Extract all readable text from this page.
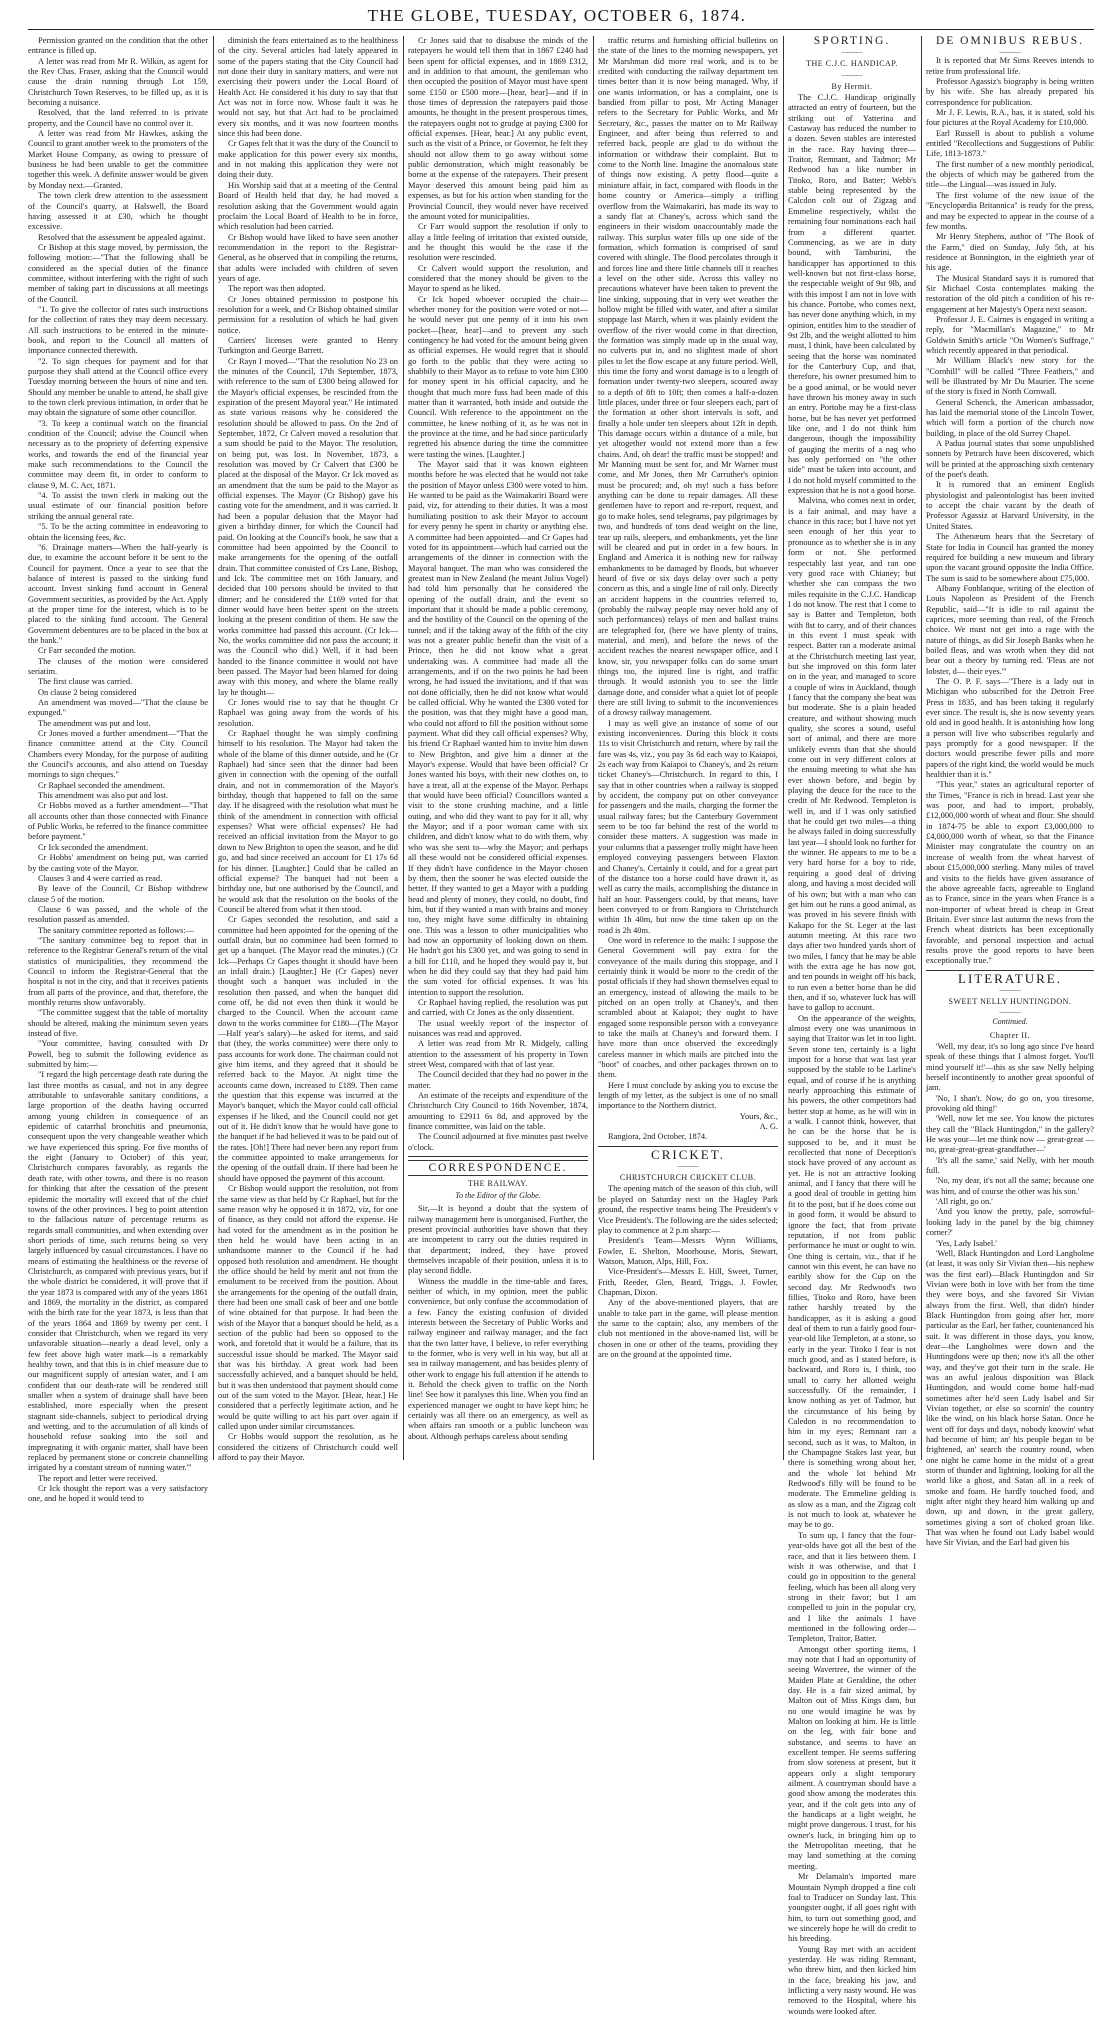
THE GLOBE, TUESDAY, OCTOBER 6, 1874.

Permission granted on the condition that the other entrance is filled up.

A letter was read from Mr R. Wilkin, as agent for the Rev Chas. Fraser, asking that the Council would cause the drain running through Lot 159, Christchurch Town Reserves, to be filled up, as it is becoming a nuisance.

Resolved, that the land referred to is private property, and the Council have no control over it.

A letter was read from Mr Hawkes, asking the Council to grant another week to the promoters of the Market House Company, as owing to pressure of business he had been unable to get the committee together this week. A definite answer would be given by Monday next.—Granted.

The town clerk drew attention to the assessment of the Council's quarry, at Halswell, the Board having assessed it at £30, which he thought excessive.

Resolved that the assessment be appealed against.

Cr Bishop at this stage moved, by permission, the following motion:—"That the following shall be considered as the special duties of the finance committee, without interfering with the right of such member of taking part in discussions at all meetings of the Council.

"1. To give the collector of rates such instructions for the collection of rates they may deem necessary. All such instructions to be entered in the minute-book, and report to the Council all matters of importance connected therewith.

"2. To sign cheques for payment and for that purpose they shall attend at the Council office every Tuesday morning between the hours of nine and ten. Should any member be unable to attend, he shall give to the town clerk previous intimation, in order that he may obtain the signature of some other councillor.

"3. To keep a continual watch on the financial condition of the Council; advise the Council when necessary as to the propriety of deferring expensive works, and towards the end of the financial year make such recommendations to the Council the committee may deem fit, in order to conform to clause 9, M. C. Act, 1871.

"4. To assist the town clerk in making out the usual estimate of our financial position before striking the annual general rate.

"5. To be the acting committee in endeavoring to obtain the licensing fees, &c.

"6. Drainage matters—When the half-yearly is due, to examine the account before it be sent to the Council for payment. Once a year to see that the balance of interest is passed to the sinking fund account. Invest sinking fund account in General Government securities, as provided by the Act. Apply at the proper time for the interest, which is to be placed to the sinking fund account. The General Government debentures are to be placed in the box at the bank."

Cr Farr seconded the motion.

The clauses of the motion were considered seriatim.

The first clause was carried.

On clause 2 being considered

An amendment was moved—"That the clause be expunged."

The amendment was put and lost.

Cr Jones moved a further amendment—"That the finance committee attend at the City Council Chambers every Monday, for the purpose of auditing the Council's accounts, and also attend on Tuesday mornings to sign cheques."

Cr Raphael seconded the amendment.

This amendment was also put and lost.

Cr Hobbs moved as a further amendment—"That all accounts other than those connected with Finance of Public Works, be referred to the finance committee before payment."

Cr Ick seconded the amendment.

Cr Hobbs' amendment on being put, was carried by the casting vote of the Mayor.

Clauses 3 and 4 were carried as read.

By leave of the Council, Cr Bishop withdrew clause 5 of the motion.

Clause 6 was passed, and the whole of the resolution passed as amended.

The sanitary committee reported as follows:—

"The sanitary committee beg to report that in reference to the Registrar General's return of the vital statistics of municipalities, they recommend the Council to inform the Registrar-General that the hospital is not in the city, and that it receives patients from all parts of the province, and that, therefore, the monthly returns show unfavorably.

"The committee suggest that the table of mortality should be altered, making the minimum seven years instead of five.

"Your committee, having consulted with Dr Powell, beg to submit the following evidence as submitted by him:—

"I regard the high percentage death rate during the last three months as casual, and not in any degree attributable to unfavorable sanitary conditions, a large proportion of the deaths having occurred among young children in consequence of an epidemic of catarrhal bronchitis and pneumonia, consequent upon the very changeable weather which we have experienced this spring. For five months of the eight (January to October) of this year, Christchurch compares favorably, as regards the death rate, with other towns, and there is no reason for thinking that after the cessation of the present epidemic the mortality will exceed that of the chief towns of the other provinces. I beg to point attention to the fallacious nature of percentage returns as regards small communities, and when extending over short periods of time, such returns being so very largely influenced by casual circumstances. I have no means of estimating the healthiness or the reverse of Christchurch, as compared with previous years, but if the whole district be considered, it will prove that if the year 1873 is compared with any of the years 1861 and 1869, the mortality in the district, as compared with the birth rate for the year 1873, is less than that of the years 1864 and 1869 by twenty per cent. I consider that Christchurch, when we regard its very unfavorable situation—nearly a dead level, only a few feet above high water mark—is a remarkably healthy town, and that this is in chief measure due to our magnificent supply of artesian water, and I am confident that our death-rate will be rendered still smaller when a system of drainage shall have been established, more especially when the present stagnant side-channels, subject to periodical drying and wetting, and to the accumulation of all kinds of household refuse soaking into the soil and impregnating it with organic matter, shall have been replaced by permanent stone or concrete channelling irrigated by a constant stream of running water.'"

The report and letter were received.

Cr Ick thought the report was a very satisfactory one, and he hoped it would tend to

diminish the fears entertained as to the healthiness of the city. Several articles had lately appeared in some of the papers stating that the City Council had not done their duty in sanitary matters, and were not exercising their powers under the Local Board of Health Act. He considered it his duty to say that that Act was not in force now. Whose fault it was he would not say, but that Act had to be proclaimed every six months, and it was now fourteen months since this had been done.

Cr Gapes felt that it was the duty of the Council to make application for this power every six months, and in not making this application they were not doing their duty.

His Worship said that at a meeting of the Central Board of Health held that day, he had moved a resolution asking that the Government would again proclaim the Local Board of Health to be in force, which resolution had been carried.

Cr Bishop would have liked to have seen another recommendation in the report to the Registrar-General, as he observed that in compiling the returns, that adults were included with children of seven years of age.

The report was then adopted.

Cr Jones obtained permission to postpone his resolution for a week, and Cr Bishop obtained similar permission for a resolution of which he had given notice.

Carriers' licenses were granted to Henry Turkington and George Barrett.

Cr Rayn I moved—"That the resolution No 23 on the minutes of the Council, 17th September, 1873, with reference to the sum of £300 being allowed for the Mayor's official expenses, be rescinded from the expiration of the present Mayoral year." He intimated as state various reasons why he considered the resolution should be allowed to pass. On the 2nd of September, 1872, Cr Calvert moved a resolution that a sum should be paid to the Mayor. The resolution, on being put, was lost. In November, 1873, a resolution was moved by Cr Calvert that £300 be placed at the disposal of the Mayor. Cr Ick moved as an amendment that the sum be paid to the Mayor as official expenses. The Mayor (Cr Bishop) gave his casting vote for the amendment, and it was carried. It had been a popular delusion that the Mayor had given a birthday dinner, for which the Council had paid. On looking at the Council's book, he saw that a committee had been appointed by the Council to make arrangements for the opening of the outfall drain. That committee consisted of Crs Lane, Bishop, and Ick. The committee met on 16th January, and decided that 100 persons should be invited to that dinner; and he considered the £169 voted for that dinner would have been better spent on the streets looking at the present condition of them. He saw the works committee had passed this account. (Cr Ick—No, the works committee did not pass the account; it was the Council who did.) Well, if it had been handed to the finance committee it would not have been passed. The Mayor had been blamed for doing away with this money, and where the blame really lay he thought—

Cr Jones would rise to say that he thought Cr Raphael was going away from the words of his resolution.

Cr Raphael thought he was simply confining himself to his resolution. The Mayor had taken the whole of the blame of this dinner outside, and he (Cr Raphael) had since seen that the dinner had been given in connection with the opening of the outfall drain, and not in commemoration of the Mayor's birthday, though that happened to fall on the same day. If he disagreed with the resolution what must he think of the amendment in connection with official expenses? What were official expenses? He had received an official invitation from the Mayor to go down to New Brighton to open the season, and he did go, and had since received an account for £1 17s 6d for his dinner. [Laughter.] Could that be called an official expense? The banquet had not been a birthday one, but one authorised by the Council, and he would ask that the resolution on the books of the Council be altered from what it then stood.

Cr Gapes seconded the resolution, and said a committee had been appointed for the opening of the outfall drain, but no committee had been formed to get up a banquet. (The Mayor read the minutes.) (Cr Ick—Perhaps Cr Gapes thought it should have been an infall drain.) [Laughter.] He (Cr Gapes) never thought such a banquet was included in the resolution then passed, and when the banquet did come off, he did not even then think it would be charged to the Council. When the account came down to the works committee for £180—(The Mayor—Half year's salary)—he asked for items, and said that (they, the works committee) were there only to pass accounts for work done. The chairman could not give him items, and they agreed that it should be referred back to the Mayor. At night time the accounts came down, increased to £189. Then came the question that this expense was incurred at the Mayor's banquet, which the Mayor could call official expenses if he liked, and the Council could not get out of it. He didn't know that he would have gone to the banquet if he had believed it was to be paid out of the rates. [Oh!] There had never been any report from the committee appointed to make arrangements for the opening of the outfall drain. If there had been he should have opposed the payment of this account.

Cr Bishop would support the resolution, not from the same view as that held by Cr Raphael, but for the same reason why he opposed it in 1872, viz, for one of finance, as they could not afford the expense. He had voted for the amendment as in the position he then held he would have been acting in an unhandsome manner to the Council if he had opposed both resolution and amendment. He thought the office should be held by merit and not from the emolument to be received from the position. About the arrangements for the opening of the outfall drain, there had been one small cask of beer and one bottle of wine obtained for that purpose. It had been the wish of the Mayor that a banquet should be held, as a section of the public had been so opposed to the work, and foretold that it would be a failure, that its successful issue should be marked. The Mayor said that was his birthday. A great work had been successfully achieved, and a banquet should be held, but it was then understood that payment should come out of the sum voted to the Mayor. [Hear, hear.] He considered that a perfectly legitimate action, and he would be quite willing to act his part over again if called upon under similar circumstances.

Cr Hobbs would support the resolution, as he considered the citizens of Christchurch could well afford to pay their Mayor.

Cr Jones said that to disabuse the minds of the ratepayers he would tell them that in 1867 £240 had been spent for official expenses, and in 1869 £312, and in addition to that amount, the gentleman who then occupied the position of Mayor must have spent some £150 or £500 more—[hear, hear]—and if in those times of depression the ratepayers paid those amounts, he thought in the present prosperous times, the ratepayers ought not to grudge at paying £300 for official expenses. [Hear, hear.] At any public event, such as the visit of a Prince, or Governor, he felt they should not allow them to go away without some public demonstration, which might reasonably be borne at the expense of the ratepayers. Their present Mayor deserved this amount being paid him as expenses, as but for his action when standing for the Provincial Council, they would never have received the amount voted for municipalities.

Cr Farr would support the resolution if only to allay a little feeling of irritation that existed outside, and he thought this would be the case if the resolution were rescinded.

Cr Calvert would support the resolution, and considered that the money should be given to the Mayor to spend as he liked.

Cr Ick hoped whoever occupied the chair—whether money for the position were voted or not—he would never put one penny of it into his own pocket—[hear, hear]—and to prevent any such contingency he had voted for the amount being given as official expenses. He would regret that it should go forth to the public that they were acting so shabbily to their Mayor as to refuse to vote him £300 for money spent in his official capacity, and he thought that much more fuss had been made of this matter than it warranted, both inside and outside the Council. With reference to the appointment on the committee, he knew nothing of it, as he was not in the province at the time, and he had since particularly regretted his absence during the time the committee were tasting the wines. [Laughter.]

The Mayor said that it was known eighteen months before he was elected that he would not take the position of Mayor unless £300 were voted to him. He wanted to be paid as the Waimakariri Board were paid, viz, for attending to their duties. It was a most humiliating position to ask their Mayor to account for every penny he spent in charity or anything else. A committee had been appointed—and Cr Gapes had voted for its appointment—which had carried out the arrangements of the dinner in connection with the Mayoral banquet. The man who was considered the greatest man in New Zealand (he meant Julius Vogel) had told him personally that he considered the opening of the outfall drain, and the event so important that it should be made a public ceremony, and the hostility of the Council on the opening of the tunnel; and if the taking away of the fifth of the city was not a greater public benefit than the visit of a Prince, then he did not know what a great undertaking was. A committee had made all the arrangements, and if on the two points he had been wrong, he had issued the invitations, and if that was not done officially, then he did not know what would be called official. Why he wanted the £300 voted for the position, was that they might have a good man, who could not afford to fill the position without some payment. What did they call official expenses? Why, his friend Cr Raphael wanted him to invite him down to New Brighton, and give him a dinner at the Mayor's expense. Would that have been official? Cr Jones wanted his boys, with their new clothes on, to have a treat, all at the expense of the Mayor. Perhaps that would have been official? Councillors wanted a visit to the stone crushing machine, and a little outing, and who did they want to pay for it all, why the Mayor; and if a poor woman came with six children, and didn't know what to do with them, why who was she sent to—why the Mayor; and perhaps all these would not be considered official expenses. If they didn't have confidence in the Mayor chosen by them, then the sooner he was elected outside the better. If they wanted to get a Mayor with a pudding head and plenty of money, they could, no doubt, find him, but if they wanted a man with brains and money too, they might have some difficulty in obtaining one. This was a lesson to other municipalities who had now an opportunity of looking down on them. He hadn't got his £300 yet, and was going to send in a bill for £110, and he hoped they would pay it, but when he did they could say that they had paid him the sum voted for official expenses. It was his intention to support the resolution.

Cr Raphael having replied, the resolution was put and carried, with Cr Jones as the only dissentient.

The usual weekly report of the inspector of nuisances was read and approved.

A letter was read from Mr R. Midgely, calling attention to the assessment of his property in Town street West, compared with that of last year.

The Council decided that they had no power in the matter.

An estimate of the receipts and expenditure of the Christchurch City Council to 16th November, 1874, amounting to £2911 6s 8d, and approved by the finance committee, was laid on the table.

The Council adjourned at five minutes past twelve o'clock.

CORRESPONDENCE.
THE RAILWAY.
To the Editor of the Globe.

Sir,—It is beyond a doubt that the system of railway management here is unorganised. Further, the present provincial authorities have shown that they are incompetent to carry out the duties required in that department; indeed, they have proved themselves incapable of their position, unless it is to play second fiddle.

Witness the muddle in the time-table and fares, neither of which, in my opinion, meet the public convenience, but only confuse the accommodation of a few. Fancy the existing confusion of divided interests between the Secretary of Public Works and railway engineer and railway manager, and the fact that the two latter have, I believe, to refer everything to the former, who is very well in his way, but all at sea in railway management, and has besides plenty of other work to engage his full attention if he attends to it. Behold the check given to traffic on the North line! See how it paralyses this line. When you find an experienced manager we ought to have kept him; he certainly was all there on an emergency, as well as when affairs ran smooth or a public luncheon was about. Although perhaps careless about sending

traffic returns and furnishing official bulletins on the state of the lines to the morning newspapers, yet Mr Marshman did more real work, and is to be credited with conducting the railway department ten times better than it is now being managed. Why, if one wants information, or has a complaint, one is bandied from pillar to post, Mr Acting Manager refers to the Secretary for Public Works, and Mr Secretary, &c., passes the matter on to Mr Railway Engineer, and after being thus referred to and referred back, people are glad to do without the information or withdraw their complaint. But to come to the North line. Imagine the anomalous state of things now existing. A petty flood—quite a miniature affair, in fact, compared with floods in the home country or America—simply a trifling overflow from the Waimakariri, has made its way to a sandy flat at Chaney's, across which sand the engineers in their wisdom unaccountably made the railway. This surplus water fills up one side of the formation, which formation is comprised of sand covered with shingle. The flood percolates through it and forces line and there little channels till it reaches a level on the other side. Across this valley no precautions whatever have been taken to prevent the line sinking, supposing that in very wet weather the hollow might be filled with water, and after a similar stoppage last March, when it was plainly evident the overflow of the river would come in that direction, the formation was simply made up in the usual way, no culverts put in, and no slightest made of short piles to let the flow escape at any future period. Well, this time the forty and worst damage is to a length of formation under twenty-two sleepers, scoured away to a depth of 8ft to 10ft; then comes a half-a-dozen little places, under three or four sleepers each, part of the formation at other short intervals is soft, and finally a hole under ten sleepers about 12ft in depth. This damage occurs within a distance of a mile, but yet altogether would not extend more than a few chains. And, oh dear! the traffic must be stopped! and Mr Manning must be sent for, and Mr Warner must come, and Mr Jones, then Mr Carruther's opinion must be procured; and, oh my! such a fuss before anything can be done to repair damages. All these gentlemen have to report and re-report, request, and go to make holes, send telegrams, pay pilgrimages by two, and hundreds of tons dead weight on the line, tear up rails, sleepers, and embankments, yet the line will be cleared and put in order in a few hours. In England and America it is nothing new for railway embankments to be damaged by floods, but whoever heard of five or six days delay over such a petty concern as this, and a single line of rail only. Directly an accident happens in the countries referred to, (probably the railway people may never hold any of such performances) relays of men and ballast trains are telegraphed for, (here we have plenty of trains, material, and men), and before the news of the accident reaches the nearest newspaper office, and I know, sir, you newspaper folks can do some smart things too, the injured line is right, and traffic through. It would astonish you to see the little damage done, and consider what a quiet lot of people there are still living to submit to the inconveniences of a drowsy railway management.

I may as well give an instance of some of our existing inconveniences. During this block it costs 11s to visit Christchurch and return, where by rail the fare was 4s, viz., you pay 3s 6d each way to Kaiapoi, 2s each way from Kaiapoi to Chaney's, and 2s return ticket Chaney's—Christchurch. In regard to this, I say that in other countries when a railway is stopped by accident, the company put on other conveyance for passengers and the mails, charging the former the usual railway fares; but the Canterbury Government seem to be too far behind the rest of the world to consider these matters. A suggestion was made in your columns that a passenger trolly might have been employed conveying passengers between Flaxton and Chaney's. Certainly it could, and for a great part of the distance too a horse could have drawn it, as well as carry the mails, accomplishing the distance in half an hour. Passengers could, by that means, have been conveyed to or from Rangiora to Christchurch within 1h 40m, but now the time taken up on the road is 2h 40m.

One word in reference to the mails: I suppose the General Government will pay extra for the conveyance of the mails during this stoppage, and I certainly think it would be more to the credit of the postal officials if they had shown themselves equal to an emergency, instead of allowing the mails to be pitched on an open trolly at Chaney's, and then scrambled about at Kaiapoi; they ought to have engaged some responsible person with a conveyance to take the mails at Chaney's and forward them. I have more than once observed the exceedingly careless manner in which mails are pitched into the "boot" of coaches, and other packages thrown on to them.

Here I must conclude by asking you to excuse the length of my letter, as the subject is one of no small importance to the Northern district.

Yours, &c.,

A. G.

Rangiora, 2nd October, 1874.

CRICKET.
———
CHRISTCHURCH CRICKET CLUB.

The opening match of the season of this club, will be played on Saturday next on the Hagley Park ground, the respective teams being The President's v Vice President's. The following are the sides selected; play to commence at 2 p.m sharp:—

President's Team—Messrs Wynn Williams, Fowler, E. Shelton, Moorhouse, Moris, Stewart, Watson, Matson, Alps, Hill, Fox.

Vice-President's—Messrs E. Hill, Sweet, Turner, Frith, Reeder, Glen, Beard, Triggs, J. Fowler, Chapman, Dixon.

Any of the above-mentioned players, that are unable to take part in the game, will please mention the same to the captain; also, any members of the club not mentioned in the above-named list, will be chosen in one or other of the teams, providing they are on the ground at the appointed time.

SPORTING.
———
THE C.J.C. HANDICAP.
———
By Hermit.

The C.J.C. Handicap originally attracted an entry of fourteen, but the striking out of Yatterina and Castaway has reduced the number to a dozen. Seven stables are interested in the race. Ray having three—Traitor, Remnant, and Tadmor; Mr Redwood has a like number in Titoko, Roro, and Batter; Webb's stable being represented by the Calcdon colt out of Zigzag and Emmeline respectively, whilst the remaining four nominations each hail from a different quarter. Commencing, as we are in duty bound, with Tamburini, the handicapper has apportioned to this well-known but not first-class horse, the respectable weight of 9st 9lb, and with this impost I am not in love with his chance. Portobe, who comes next, has never done anything which, in my opinion, entitles him to the steadier of 9st 2lb, and the weight allotted to him must, I think, have been calculated by seeing that the horse was nominated for the Canterbury Cup, and that, therefore, his owner presumed him to be a good animal, or he would never have thrown his money away in such an entry. Portobe may be a first-class horse, but he has never yet performed like one, and I do not think him dangerous, though the impossibility of gauging the merits of a nag who has only performed on "the other side" must be taken into account, and I do not hold myself committed to the expression that he is not a good horse.

Malvina, who comes next in order, is a fair animal, and may have a chance in this race; but I have not yet seen enough of her this year to pronounce as to whether she is in any form or not. She performed respectably last year, and ran one very good race with Chianey; but whether she can compass the two miles requisite in the C.J.C. Handicap I do not know. The rest that I come to say is Batter and Templeton, both with 8st to carry, and of their chances in this event I must speak with respect. Batter ran a moderate animal at the Christchurch meeting last year, but she improved on this form later on in the year, and managed to score a couple of wins in Auckland, though I fancy that the company she beat was but moderate. She is a plain headed creature, and without showing much quality, she scores a sound, useful sort of animal, and there are more unlikely events than that she should come out in very different colors at the ensuing meeting to what she has ever shown before, and begin by playing the deuce for the race to the credit of Mr Redwood. Templeton is well in, and if I was only satisfied that he could get two miles—a thing he always failed in doing successfully last year—I should look no further for the winner. He appears to me to be a very hard horse for a boy to ride, requiring a good deal of driving along, and having a most decided will of his own; but with a man who can get him out he runs a good animal, as was proved in his severe finish with Kakapo for the St. Leger at the last autumn meeting. At this race two days after two hundred yards short of two miles, I fancy that he may be able with the extra age he has now got, and ten pounds in weight off his back, to run even a better horse than he did then, and if so, whatever luck has will have to gallop to account.

On the appearance of the weights, almost every one was unanimous in saying that Traitor was let in too light. Seven stone ten, certainly is a light impost for a horse that was last year supposed by the stable to be Larline's equal, and of course if he is anything nearly approaching this estimate of his powers, the other competitors had better stop at home, as he will win in a walk. I cannot think, however, that he can be the horse that he is supposed to be, and it must be recollected that none of Deception's stock have proved of any account as yet. He is not an attractive looking animal, and I fancy that there will be a good deal of trouble in getting him fit to the post, but if he does come out in good form, it would be absurd to ignore the fact, that from private reputation, if not from public performance he must or ought to win. One thing is certain, viz., that if he cannot win this event, he can have no earthly show for the Cup on the second day. Mr Redwood's two fillies, Titoko and Roro, have been rather harshly treated by the handicapper, as it is asking a good deal of them to run a fairly good four-year-old like Templeton, at a stone, so early in the year. Titoko I fear is not much good, and as I stated before, is backward, and Roro is, I think, too small to carry her allotted weight successfully. Of the remainder, I know nothing as yet of Tadmor, but the circumstance of his being by Caledon is no recommendation to him in my eyes; Remnant ran a second, such as it was, to Malton, in the Champagne Stakes last year, but there is something wrong about her, and the whole lot behind Mr Redwood's filly will be found to be moderate. The Emmeline gelding is as slow as a man, and the Zigzag colt is not much to look at, whatever he may be to go.

To sum up, I fancy that the four-year-olds have got all the best of the race, and that it lies between them. I wish it was otherwise, and that I could go in opposition to the general feeling, which has been all along very strong in their favor; but I am compelled to join in the popular cry, and I like the animals I have mentioned in the following order—Templeton, Traitor, Batter.

Amongst other sporting items, I may note that I had an opportunity of seeing Wavertree, the winner of the Maiden Plate at Geraldine, the other day. He is a fair sized animal, by Malton out of Miss Kings dam, but no one would imagine he was by Malton on looking at him. He is little on the leg, with fair bone and substance, and seems to have an excellent temper. He seems suffering from slow soreness at present, but it appears only a slight temporary ailment. A countryman should have a good show among the moderates this year, and if the colt gets into any of the handicaps at a light weight, he might prove dangerous. I trust, for his owner's luck, in bringing him up to the Metropolitan meeting, that he may land something at the coming meeting.

Mr Delamain's imported mare Mountain Nymph dropped a fine colt foal to Traducer on Sunday last. This youngster ought, if all goes right with him, to turn out something good, and we sincerely hope he will do credit to his breeding.

Young Ray met with an accident yesterday. He was riding Remnant, who threw him, and then kicked him in the face, breaking his jaw, and inflicting a very nasty wound. He was removed to the Hospital, where his wounds were looked after.

DE OMNIBUS REBUS.
———

It is reported that Mr Sims Reeves intends to retire from professional life.

Professor Agassiz's biography is being written by his wife. She has already prepared his correspondence for publication.

Mr J. F. Lewis, R.A., has, it is stated, sold his four pictures at the Royal Academy for £10,000.

Earl Russell is about to publish a volume entitled "Recollections and Suggestions of Public Life, 1813-1873."

The first number of a new monthly periodical, the objects of which may be gathered from the title—the Lingual—was issued in July.

The first volume of the new issue of the "Encyclopædia Britannica" is ready for the press, and may be expected to appear in the course of a few months.

Mr Henry Stephens, author of "The Book of the Farm," died on Sunday, July 5th, at his residence at Bonnington, in the eightieth year of his age.

The Musical Standard says it is rumored that Sir Michael Costa contemplates making the restoration of the old pitch a condition of his re-engagement at her Majesty's Opera next season.

Professor J. E. Cairnes is engaged in writing a reply, for "Macmillan's Magazine," to Mr Goldwin Smith's article "On Women's Suffrage," which recently appeared in that periodical.

Mr William Black's new story for the "Cornhill" will be called "Three Feathers," and will be illustrated by Mr Du Maurier. The scene of the story is fixed in North Cornwall.

General Schenck, the American ambassador, has laid the memorial stone of the Lincoln Tower, which will form a portion of the church now building, in place of the old Surrey Chapel.

A Padua journal states that some unpublished sonnets by Petrarch have been discovered, which will be printed at the approaching sixth centenary of the poet's death.

It is rumored that an eminent English physiologist and paleontologist has been invited to accept the chair vacant by the death of Professor Agassiz at Harvard University, in the United States.

The Athenæum hears that the Secretary of State for India in Council has granted the money required for building a new museum and library upon the vacant ground opposite the India Office. The sum is said to be somewhere about £75,000.

Albany Fonblanque, writing of the election of Louis Napoleon as President of the French Republic, said—"It is idle to rail against the caprices, more seeming than real, of the French choice. We must not get into a rage with the nature of things, as did Sir Joseph Banks when he boiled fleas, and was wroth when they did not bear out a theory by turning red. 'Fleas are not lobster, d— their eyes.'"

The O. P. F. says—"There is a lady out in Michigan who subscribed for the Detroit Free Press in 1835, and has been taking it regularly ever since. The result is, she is now seventy years old and in good health. It is astonishing how long a person will live who subscribes regularly and pays promptly for a good newspaper. If the doctors would prescribe fewer pills and more papers of the right kind, the world would be much healthier than it is."

"This year," states an agricultural reporter of the Times, "France is rich in bread. Last year she was poor, and had to import, probably, £12,000,000 worth of wheat and flour. She should in 1874-75 be able to export £3,000,000 to £4,000,000 worth of wheat, so that the Finance Minister may congratulate the country on an increase of wealth from the wheat harvest of about £15,000,000 sterling. Many miles of travel and visits to the fields have given assurance of the above agreeable facts, agreeable to England as to France, since in the years when France is a non-importer of wheat bread is cheap in Great Britain. Ever since last autumn the news from the French wheat districts has been exceptionally favorable, and personal inspection and actual results prove the good reports to have been exceptionally true."

LITERATURE.
———
SWEET NELLY HUNTINGDON.
———
Continued.
Chapter II.

'Well, my dear, it's so long ago since I've heard speak of these things that I almost forget. You'll mind yourself it!'—this as she saw Nelly helping herself incontinently to another great spoonful of jam.

'No, I shan't. Now, do go on, you tiresome, provoking old thing!'

'Well, now let me see. You know the pictures they call the "Black Huntingdon," in the gallery? He was your—let me think now — great-great — no, great-great-great-grandfather—'

'It's all the same,' said Nelly, with her mouth full.

'No, my dear, it's not all the same; because one was him, and of course the other was his son.'

'All right, go on.'

'And you know the pretty, pale, sorrowful-looking lady in the panel by the big chimney corner?'

'Yes, Lady Isabel.'

'Well, Black Huntingdon and Lord Langholme (at least, it was only Sir Vivian then—his nephew was the first earl)—Black Huntingdon and Sir Vivian were both in love with her from the time they were boys, and she favored Sir Vivian always from the first. Well, that didn't hinder Black Huntingdon from going after her, more particular as the Earl, her father, countenanced his suit. It was different in those days, you know, dear—the Langholmes were down and the Huntingdons were up then; now it's all the other way, and they've got their turn in the scale. He was an awful jealous disposition was Black Huntingdon, and would come home half-mad sometimes after he'd seen Lady Isabel and Sir Vivian together, or else so scornin' the country like the wind, on his black horse Satan. Once he went off for days and days, nobody knowin' what had become of him; an' his people began to be frightened, an' search the country round, when one night he came home in the midst of a great storm of thunder and lightning, looking for all the world like a ghost, and Satan all in a reek of smoke and foam. He hardly touched food, and night after night they heard him walking up and down, up and down, in the great gallery, sometimes giving a sort of choked groan like. That was when he found out Lady Isabel would have Sir Vivian, and the Earl had given his
